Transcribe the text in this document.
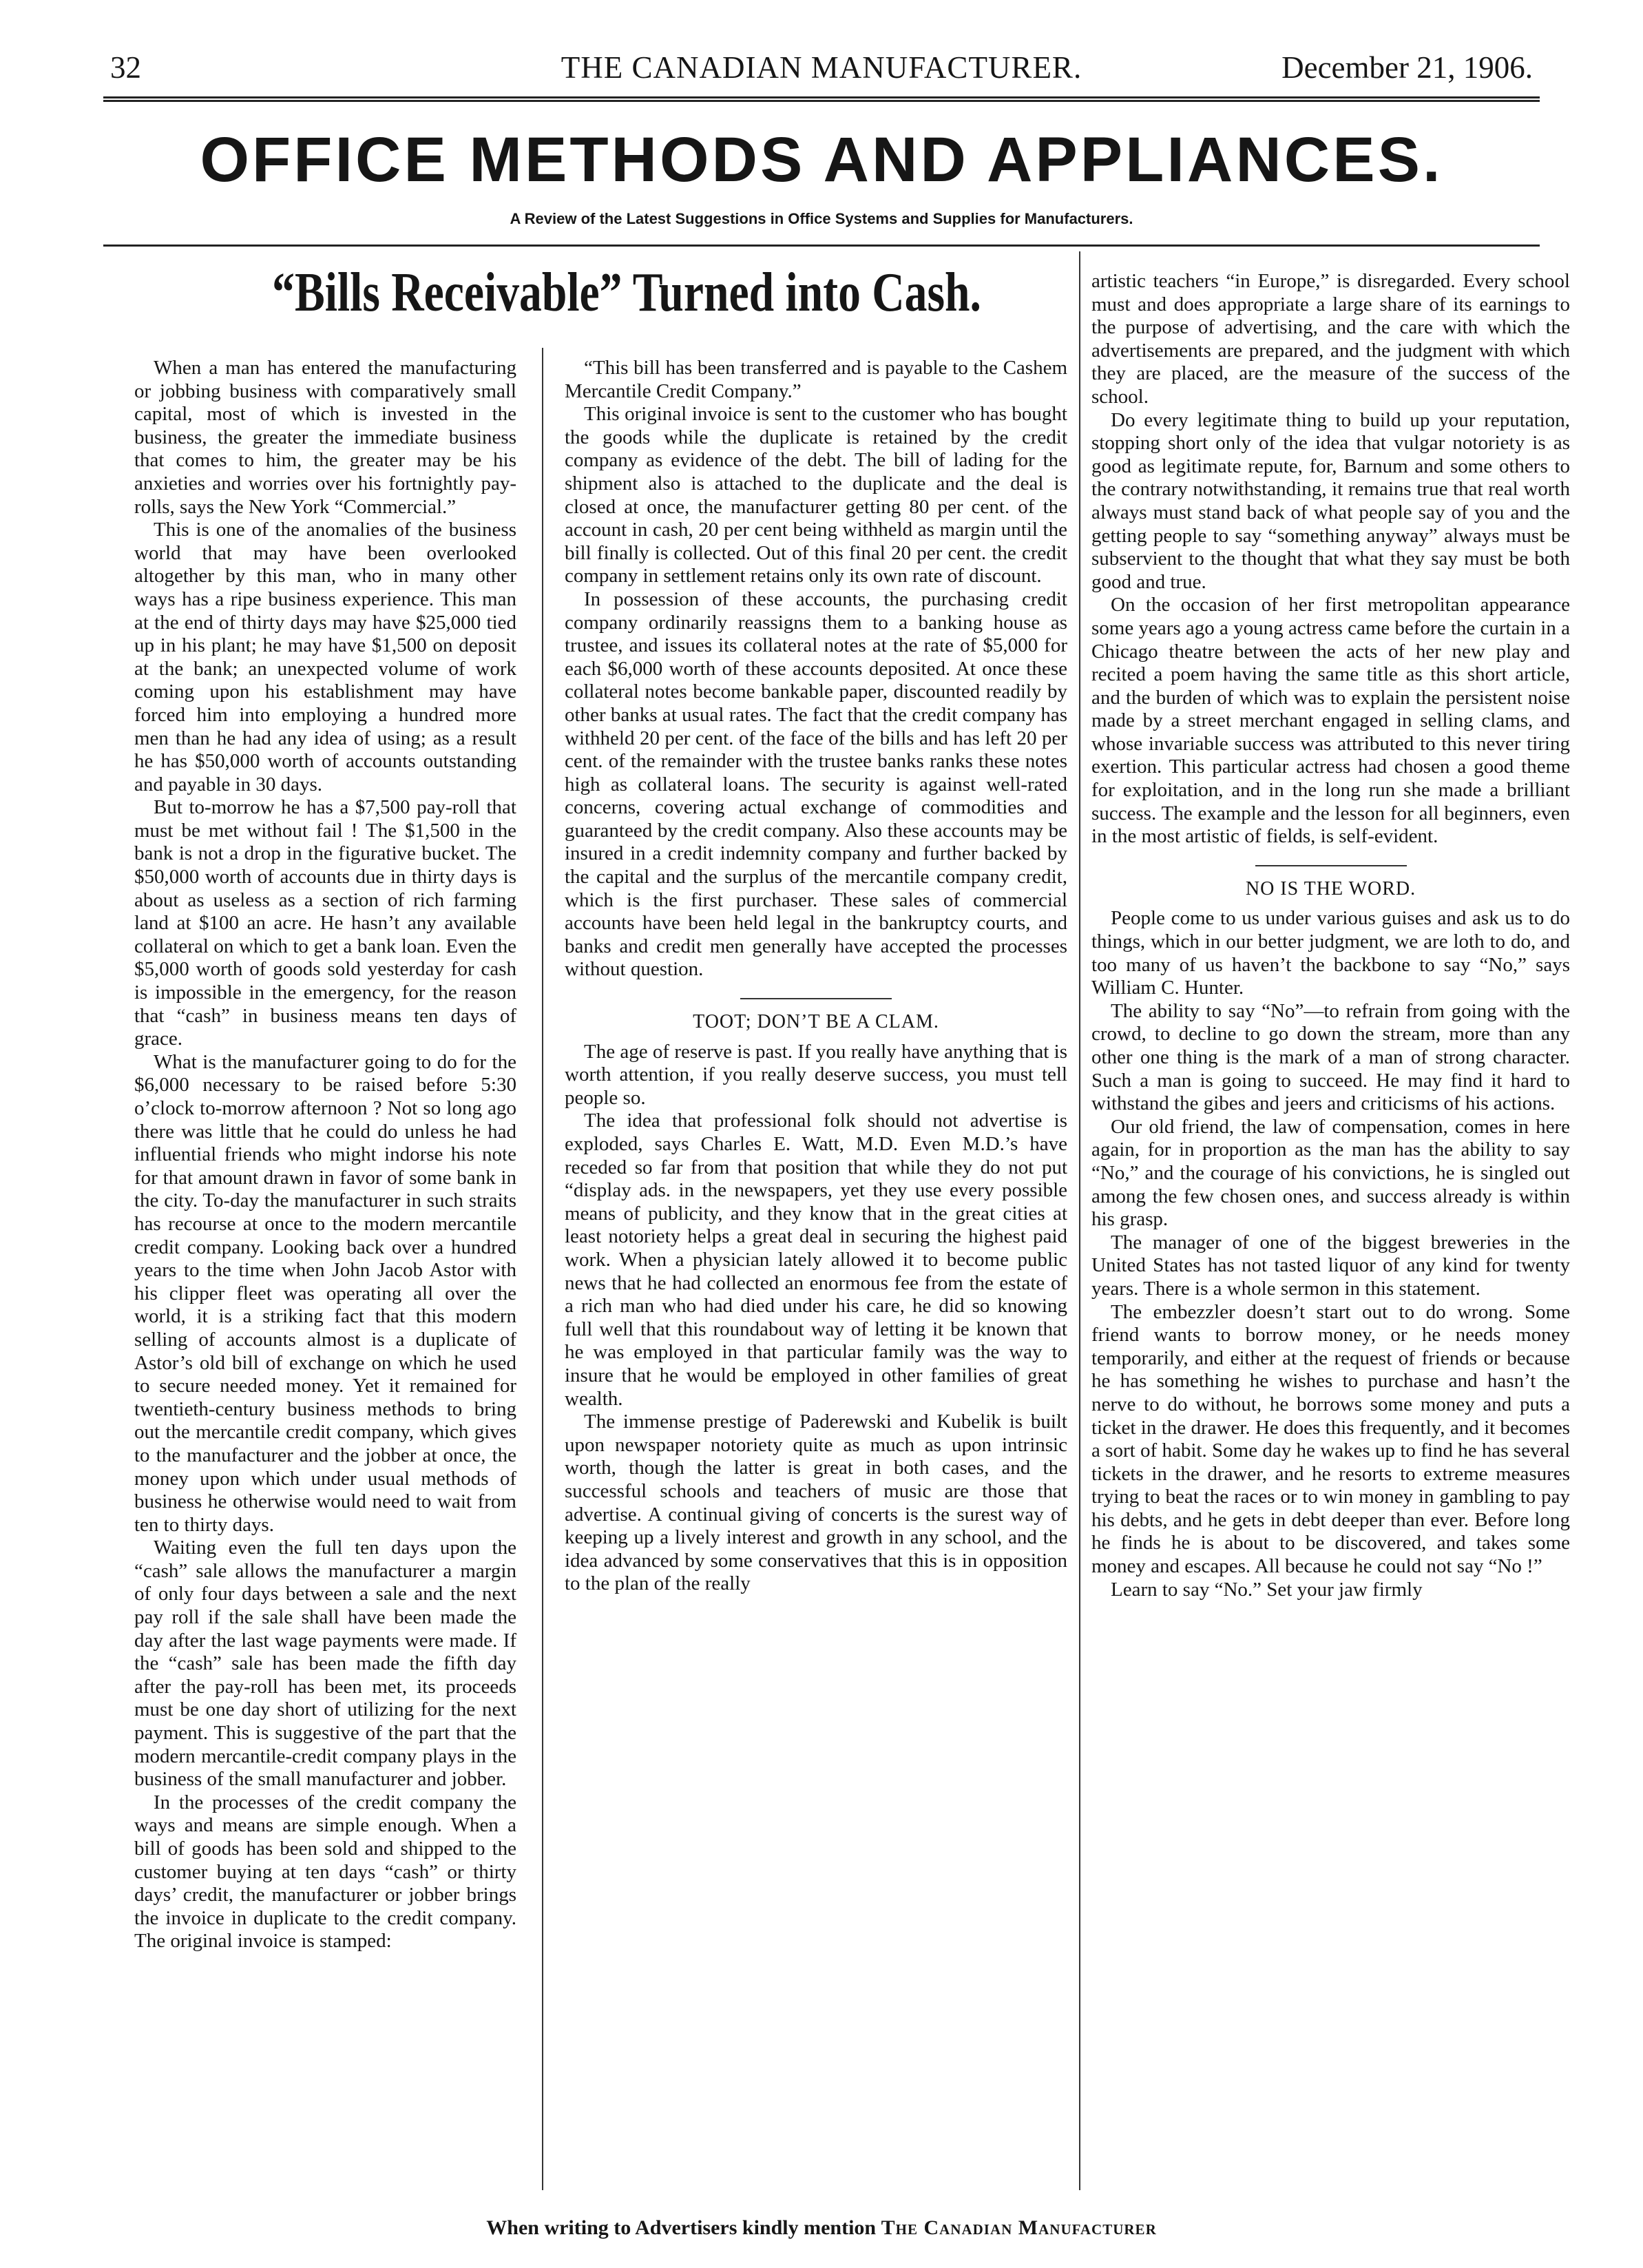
32	THE CANADIAN MANUFACTURER.	December 21, 1906.
OFFICE METHODS AND APPLIANCES.
A Review of the Latest Suggestions in Office Systems and Supplies for Manufacturers.
“Bills Receivable” Turned into Cash.

When a man has entered the manufacturing or jobbing business with comparatively small capital, most of which is invested in the business, the greater the immediate business that comes to him, the greater may be his anxieties and worries over his fortnightly pay-rolls, says the New York “Commercial.”

This is one of the anomalies of the business world that may have been overlooked altogether by this man, who in many other ways has a ripe business experience. This man at the end of thirty days may have $25,000 tied up in his plant; he may have $1,500 on deposit at the bank; an unexpected volume of work coming upon his establishment may have forced him into employing a hundred more men than he had any idea of using; as a result he has $50,000 worth of accounts outstanding and payable in 30 days.

But to-morrow he has a $7,500 pay-roll that must be met without fail ! The $1,500 in the bank is not a drop in the figurative bucket. The $50,000 worth of accounts due in thirty days is about as useless as a section of rich farming land at $100 an acre. He hasn’t any available collateral on which to get a bank loan. Even the $5,000 worth of goods sold yesterday for cash is impossible in the emergency, for the reason that “cash” in business means ten days of grace.

What is the manufacturer going to do for the $6,000 necessary to be raised before 5:30 o’clock to-morrow afternoon ? Not so long ago there was little that he could do unless he had influential friends who might indorse his note for that amount drawn in favor of some bank in the city. To-day the manufacturer in such straits has recourse at once to the modern mercantile credit company. Looking back over a hundred years to the time when John Jacob Astor with his clipper fleet was operating all over the world, it is a striking fact that this modern selling of accounts almost is a duplicate of Astor’s old bill of exchange on which he used to secure needed money. Yet it remained for twentieth-century business methods to bring out the mercantile credit company, which gives to the manufacturer and the jobber at once, the money upon which under usual methods of business he otherwise would need to wait from ten to thirty days.

Waiting even the full ten days upon the “cash” sale allows the manufacturer a margin of only four days between a sale and the next pay roll if the sale shall have been made the day after the last wage payments were made. If the “cash” sale has been made the fifth day after the pay-roll has been met, its proceeds must be one day short of utilizing for the next payment. This is suggestive of the part that the modern mercantile-credit company plays in the business of the small manufacturer and jobber.

In the processes of the credit company the ways and means are simple enough. When a bill of goods has been sold and shipped to the customer buying at ten days “cash” or thirty days’ credit, the manufacturer or jobber brings the invoice in duplicate to the credit company. The original invoice is stamped:

“This bill has been transferred and is payable to the Cashem Mercantile Credit Company.”

This original invoice is sent to the customer who has bought the goods while the duplicate is retained by the credit company as evidence of the debt. The bill of lading for the shipment also is attached to the duplicate and the deal is closed at once, the manufacturer getting 80 per cent. of the account in cash, 20 per cent being withheld as margin until the bill finally is collected. Out of this final 20 per cent. the credit company in settlement retains only its own rate of discount.

In possession of these accounts, the purchasing credit company ordinarily reassigns them to a banking house as trustee, and issues its collateral notes at the rate of $5,000 for each $6,000 worth of these accounts deposited. At once these collateral notes become bankable paper, discounted readily by other banks at usual rates. The fact that the credit company has withheld 20 per cent. of the face of the bills and has left 20 per cent. of the remainder with the trustee banks ranks these notes high as collateral loans. The security is against well-rated concerns, covering actual exchange of commodities and guaranteed by the credit company. Also these accounts may be insured in a credit indemnity company and further backed by the capital and the surplus of the mercantile company credit, which is the first purchaser. These sales of commercial accounts have been held legal in the bankruptcy courts, and banks and credit men generally have accepted the processes without question.

TOOT; DON’T BE A CLAM.

The age of reserve is past. If you really have anything that is worth attention, if you really deserve success, you must tell people so.

The idea that professional folk should not advertise is exploded, says Charles E. Watt, M.D. Even M.D.’s have receded so far from that position that while they do not put “display ads. in the newspapers, yet they use every possible means of publicity, and they know that in the great cities at least notoriety helps a great deal in securing the highest paid work. When a physician lately allowed it to become public news that he had collected an enormous fee from the estate of a rich man who had died under his care, he did so knowing full well that this roundabout way of letting it be known that he was employed in that particular family was the way to insure that he would be employed in other families of great wealth.

The immense prestige of Paderewski and Kubelik is built upon newspaper notoriety quite as much as upon intrinsic worth, though the latter is great in both cases, and the successful schools and teachers of music are those that advertise. A continual giving of concerts is the surest way of keeping up a lively interest and growth in any school, and the idea advanced by some conservatives that this is in opposition to the plan of the really

artistic teachers “in Europe,” is disregarded. Every school must and does appropriate a large share of its earnings to the purpose of advertising, and the care with which the advertisements are prepared, and the judgment with which they are placed, are the measure of the success of the school.

Do every legitimate thing to build up your reputation, stopping short only of the idea that vulgar notoriety is as good as legitimate repute, for, Barnum and some others to the contrary notwithstanding, it remains true that real worth always must stand back of what people say of you and the getting people to say “something anyway” always must be subservient to the thought that what they say must be both good and true.

On the occasion of her first metropolitan appearance some years ago a young actress came before the curtain in a Chicago theatre between the acts of her new play and recited a poem having the same title as this short article, and the burden of which was to explain the persistent noise made by a street merchant engaged in selling clams, and whose invariable success was attributed to this never tiring exertion. This particular actress had chosen a good theme for exploitation, and in the long run she made a brilliant success. The example and the lesson for all beginners, even in the most artistic of fields, is self-evident.

NO IS THE WORD.

People come to us under various guises and ask us to do things, which in our better judgment, we are loth to do, and too many of us haven’t the backbone to say “No,” says William C. Hunter.

The ability to say “No”—to refrain from going with the crowd, to decline to go down the stream, more than any other one thing is the mark of a man of strong character. Such a man is going to succeed. He may find it hard to withstand the gibes and jeers and criticisms of his actions.

Our old friend, the law of compensation, comes in here again, for in proportion as the man has the ability to say “No,” and the courage of his convictions, he is singled out among the few chosen ones, and success already is within his grasp.

The manager of one of the biggest breweries in the United States has not tasted liquor of any kind for twenty years. There is a whole sermon in this statement.

The embezzler doesn’t start out to do wrong. Some friend wants to borrow money, or he needs money temporarily, and either at the request of friends or because he has something he wishes to purchase and hasn’t the nerve to do without, he borrows some money and puts a ticket in the drawer. He does this frequently, and it becomes a sort of habit. Some day he wakes up to find he has several tickets in the drawer, and he resorts to extreme measures trying to beat the races or to win money in gambling to pay his debts, and he gets in debt deeper than ever. Before long he finds he is about to be discovered, and takes some money and escapes. All because he could not say “No !”

Learn to say “No.” Set your jaw firmly

When writing to Advertisers kindly mention The Canadian Manufacturer
